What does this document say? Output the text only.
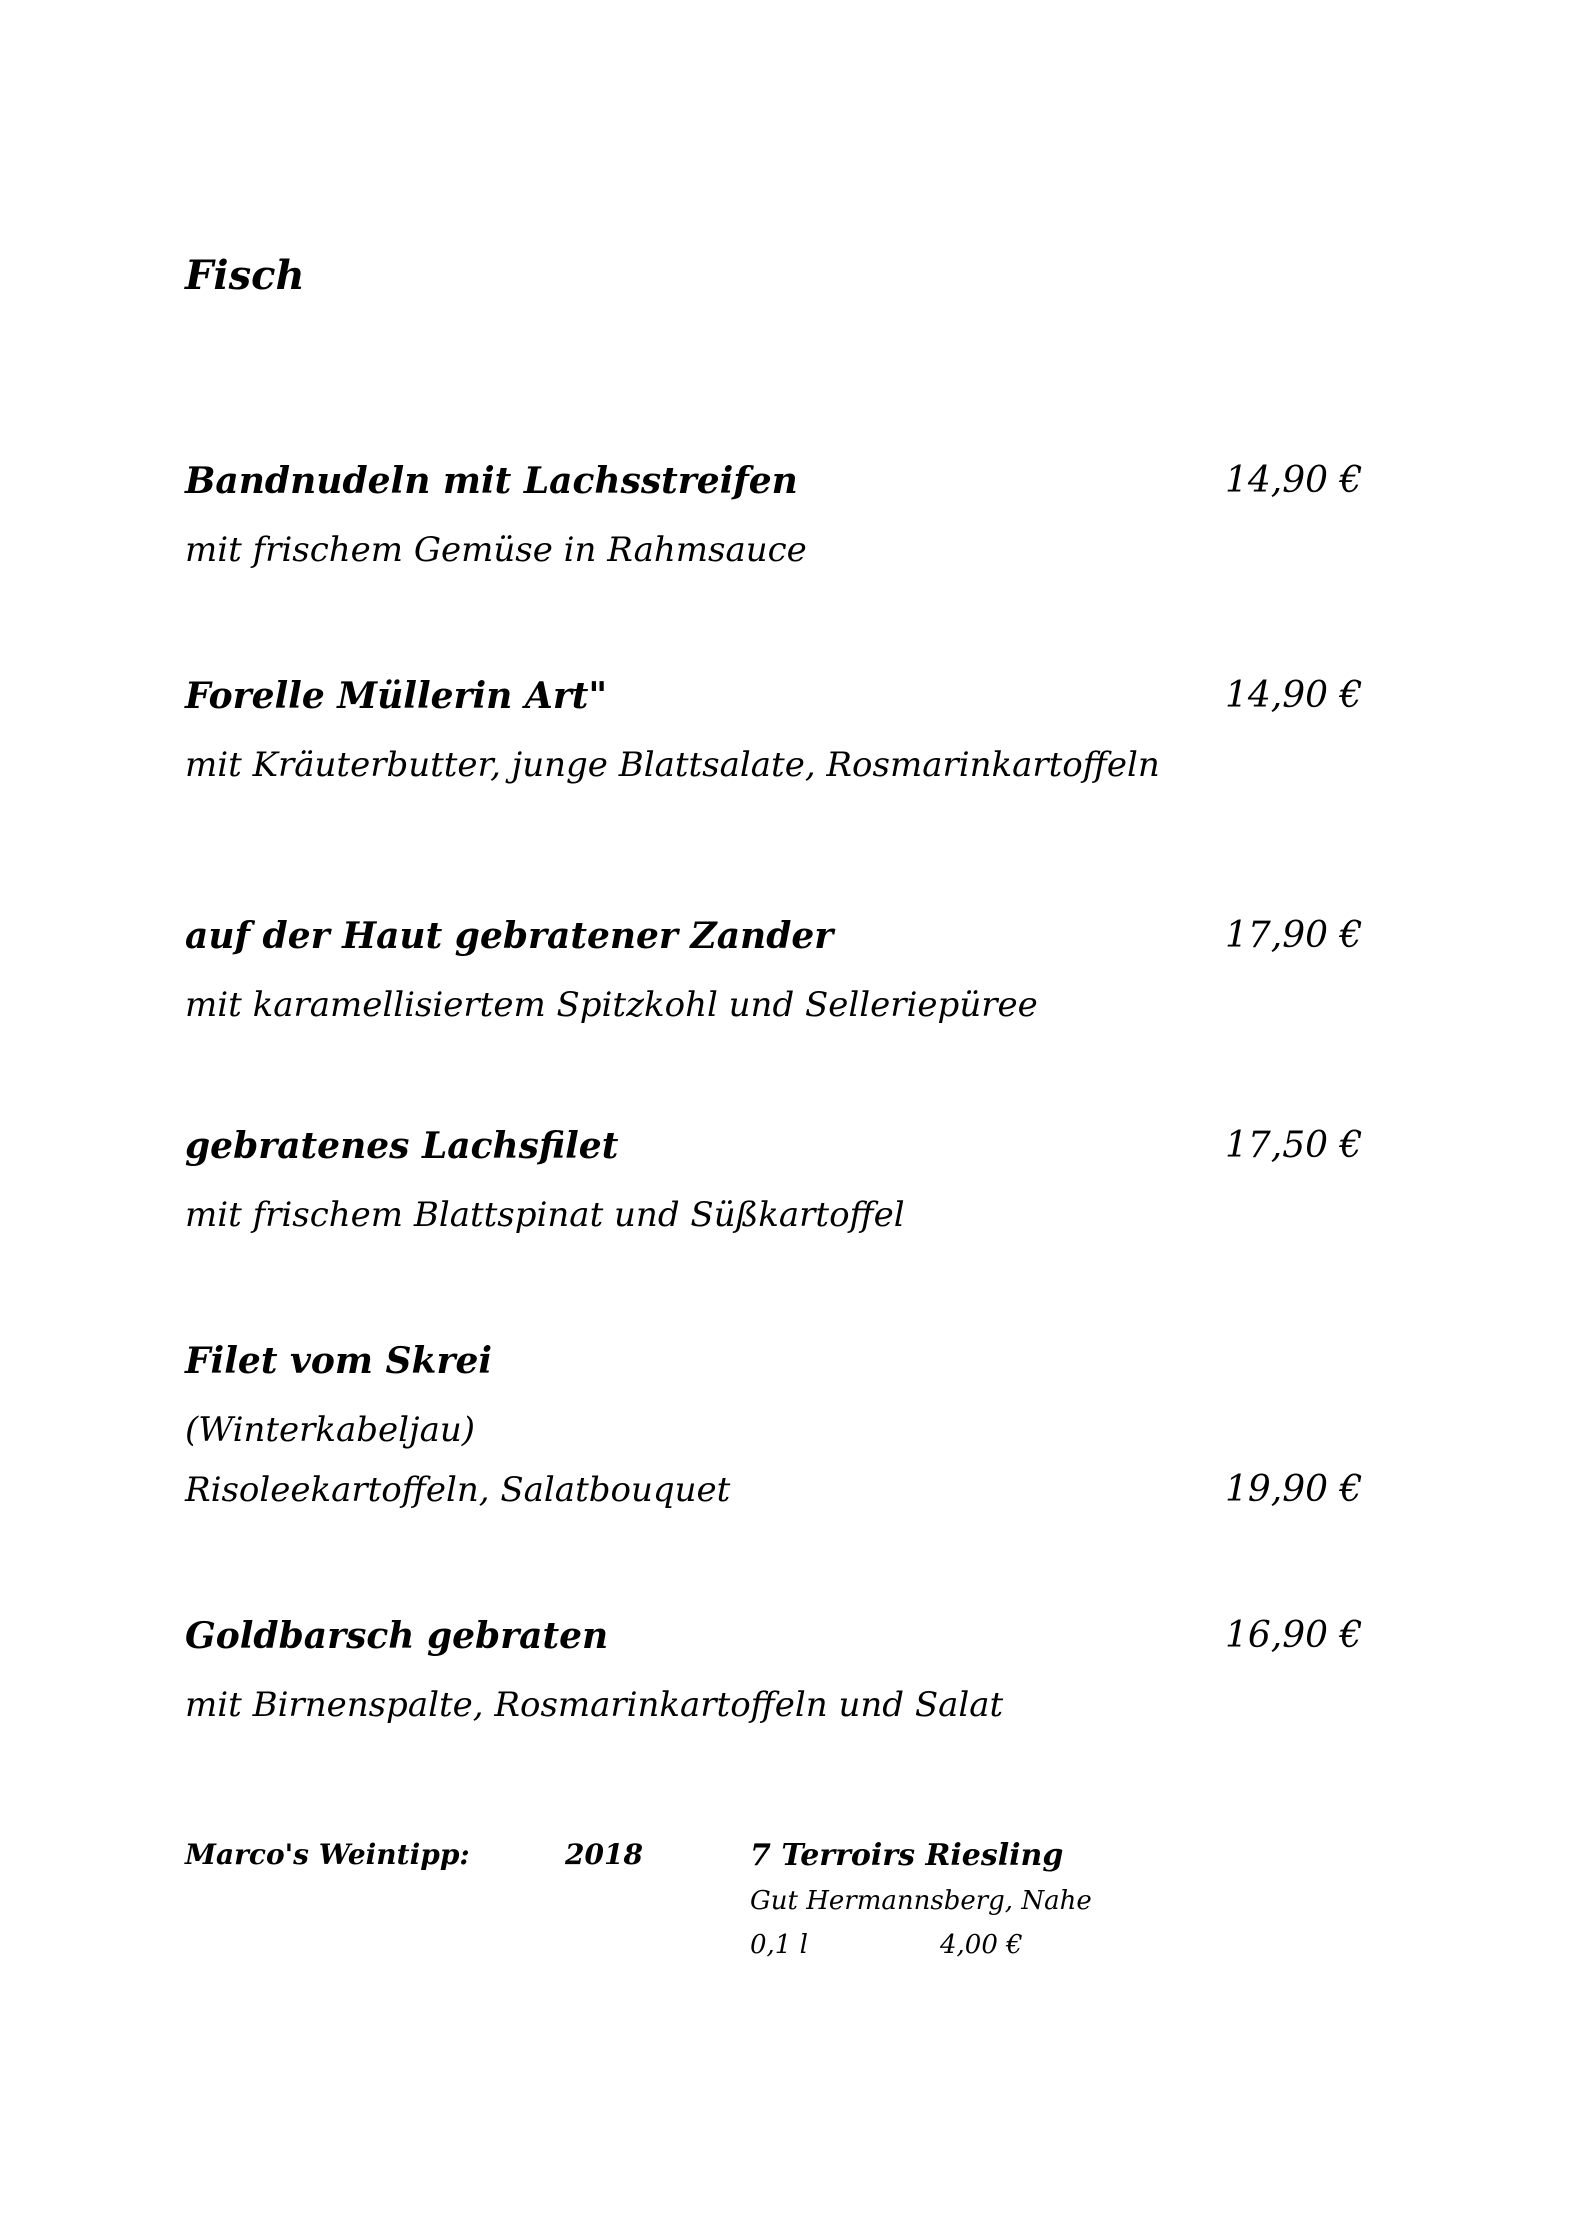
Fisch
Bandnudeln mit Lachsstreifen	14,90 €
mit frischem Gemüse in Rahmsauce
Forelle Müllerin Art"	14,90 €
mit Kräuterbutter, junge Blattsalate, Rosmarinkartoffeln
auf der Haut gebratener Zander	17,90 €
mit karamellisiertem Spitzkohl und Selleriepüree
gebratenes Lachsfilet	17,50 €
mit frischem Blattspinat und Süßkartoffel
Filet vom Skrei
(Winterkabeljau)
Risoleekartoffeln, Salatbouquet	19,90 €
Goldbarsch gebraten	16,90 €
mit Birnenspalte, Rosmarinkartoffeln und Salat
Marco's Weintipp:	2018	7 Terroirs Riesling
Gut Hermannsberg, Nahe
0,1 l	4,00 €
